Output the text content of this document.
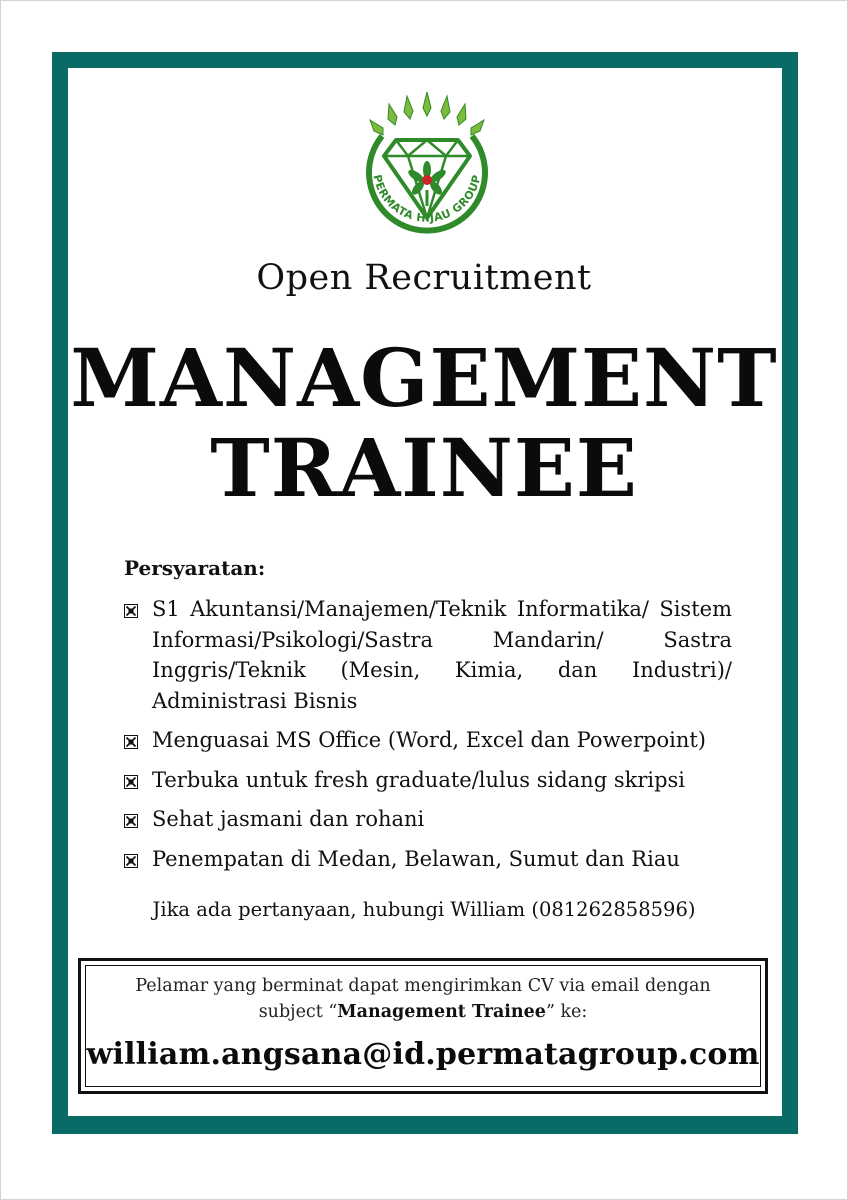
PERMATA HIJAU GROUP
Open Recruitment
MANAGEMENT
TRAINEE
Persyaratan:
S1 Akuntansi/Manajemen/Teknik Informatika/ Sistem Informasi/Psikologi/Sastra Mandarin/ Sastra Inggris/Teknik (Mesin, Kimia, dan Industri)/ Administrasi Bisnis
Menguasai MS Office (Word, Excel dan Powerpoint)
Terbuka untuk fresh graduate/lulus sidang skripsi
Sehat jasmani dan rohani
Penempatan di Medan, Belawan, Sumut dan Riau
Jika ada pertanyaan, hubungi William (081262858596)
Pelamar yang berminat dapat mengirimkan CV via email dengan
subject “Management Trainee” ke:
william.angsana@id.permatagroup.com
